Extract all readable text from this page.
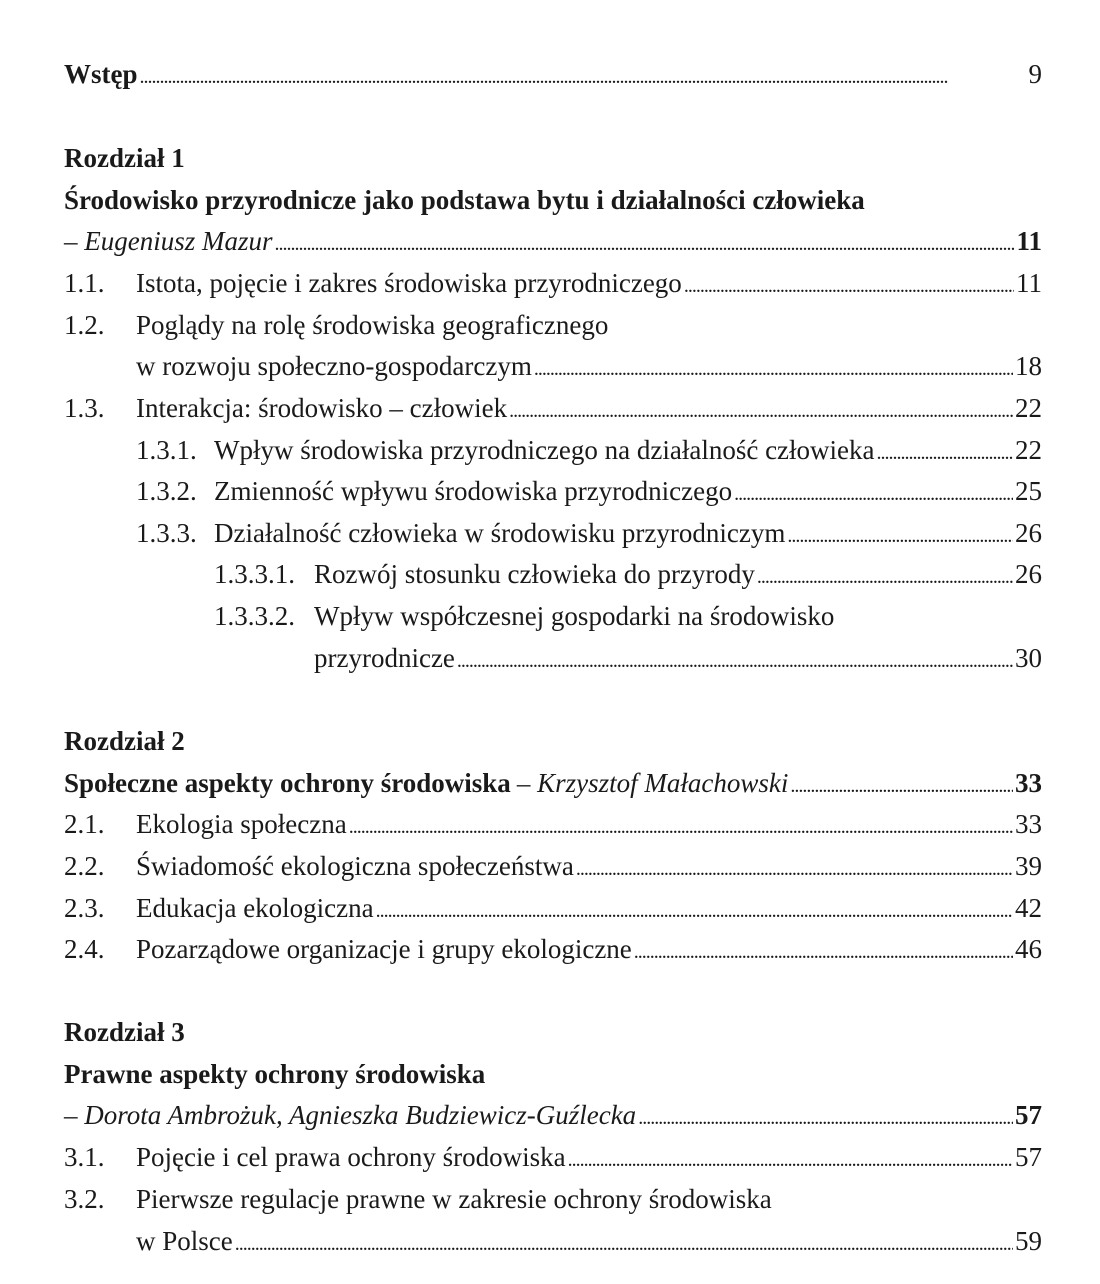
Wstęp . . .	9
Rozdział 1
Środowisko przyrodnicze jako podstawa bytu i działalności człowieka
– Eugeniusz Mazur . . .	11
1.1.	Istota, pojęcie i zakres środowiska przyrodniczego . . .	11
1.2.	Poglądy na rolę środowiska geograficznego
w rozwoju społeczno-gospodarczym . . .	18
1.3.	Interakcja: środowisko – człowiek . . .	22
1.3.1. Wpływ środowiska przyrodniczego na działalność człowieka . . .	22
1.3.2. Zmienność wpływu środowiska przyrodniczego . . .	25
1.3.3. Działalność człowieka w środowisku przyrodniczym . . .	26
1.3.3.1. Rozwój stosunku człowieka do przyrody . . .	26
1.3.3.2. Wpływ współczesnej gospodarki na środowisko
przyrodnicze . . .	30
Rozdział 2
Społeczne aspekty ochrony środowiska – Krzysztof Małachowski . . .	33
2.1.	Ekologia społeczna . . .	33
2.2.	Świadomość ekologiczna społeczeństwa . . .	39
2.3.	Edukacja ekologiczna . . .	42
2.4.	Pozarządowe organizacje i grupy ekologiczne . . .	46
Rozdział 3
Prawne aspekty ochrony środowiska
– Dorota Ambrożuk, Agnieszka Budziewicz-Guźlecka . . .	57
3.1.	Pojęcie i cel prawa ochrony środowiska . . .	57
3.2.	Pierwsze regulacje prawne w zakresie ochrony środowiska
w Polsce . . .	59
